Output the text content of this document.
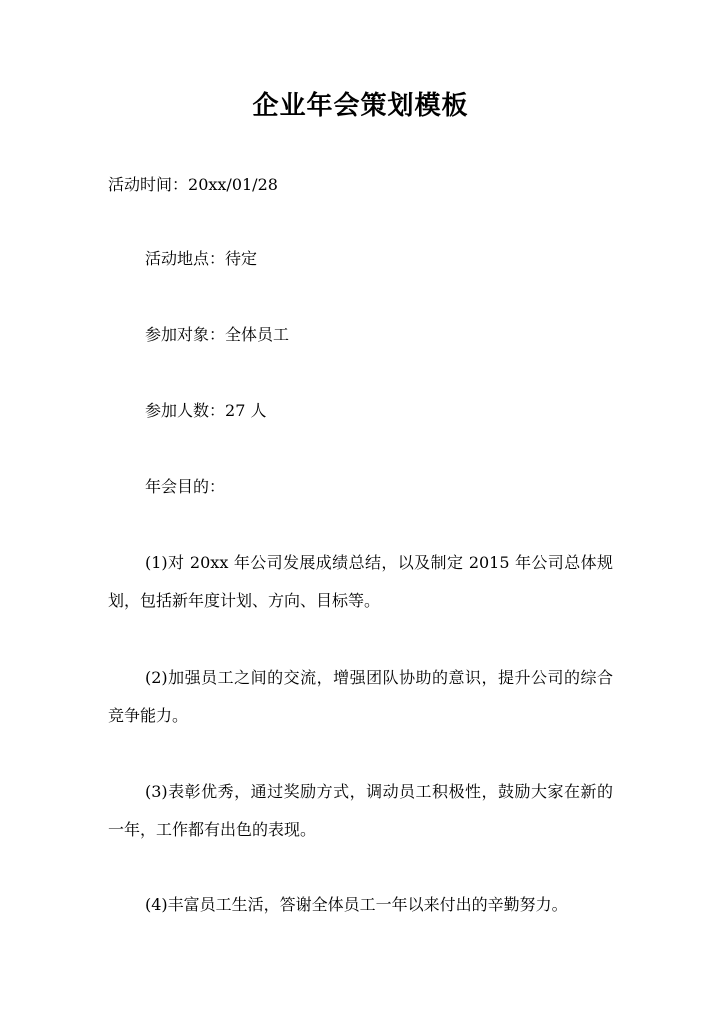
企业年会策划模板
活动时间：20xx/01/28
活动地点：待定
参加对象：全体员工
参加人数：27 人
年会目的：
(1)对 20xx 年公司发展成绩总结，以及制定 2015 年公司总体规划，包括新年度计划、方向、目标等。
(2)加强员工之间的交流，增强团队协助的意识，提升公司的综合竞争能力。
(3)表彰优秀，通过奖励方式，调动员工积极性，鼓励大家在新的一年，工作都有出色的表现。
(4)丰富员工生活，答谢全体员工一年以来付出的辛勤努力。
